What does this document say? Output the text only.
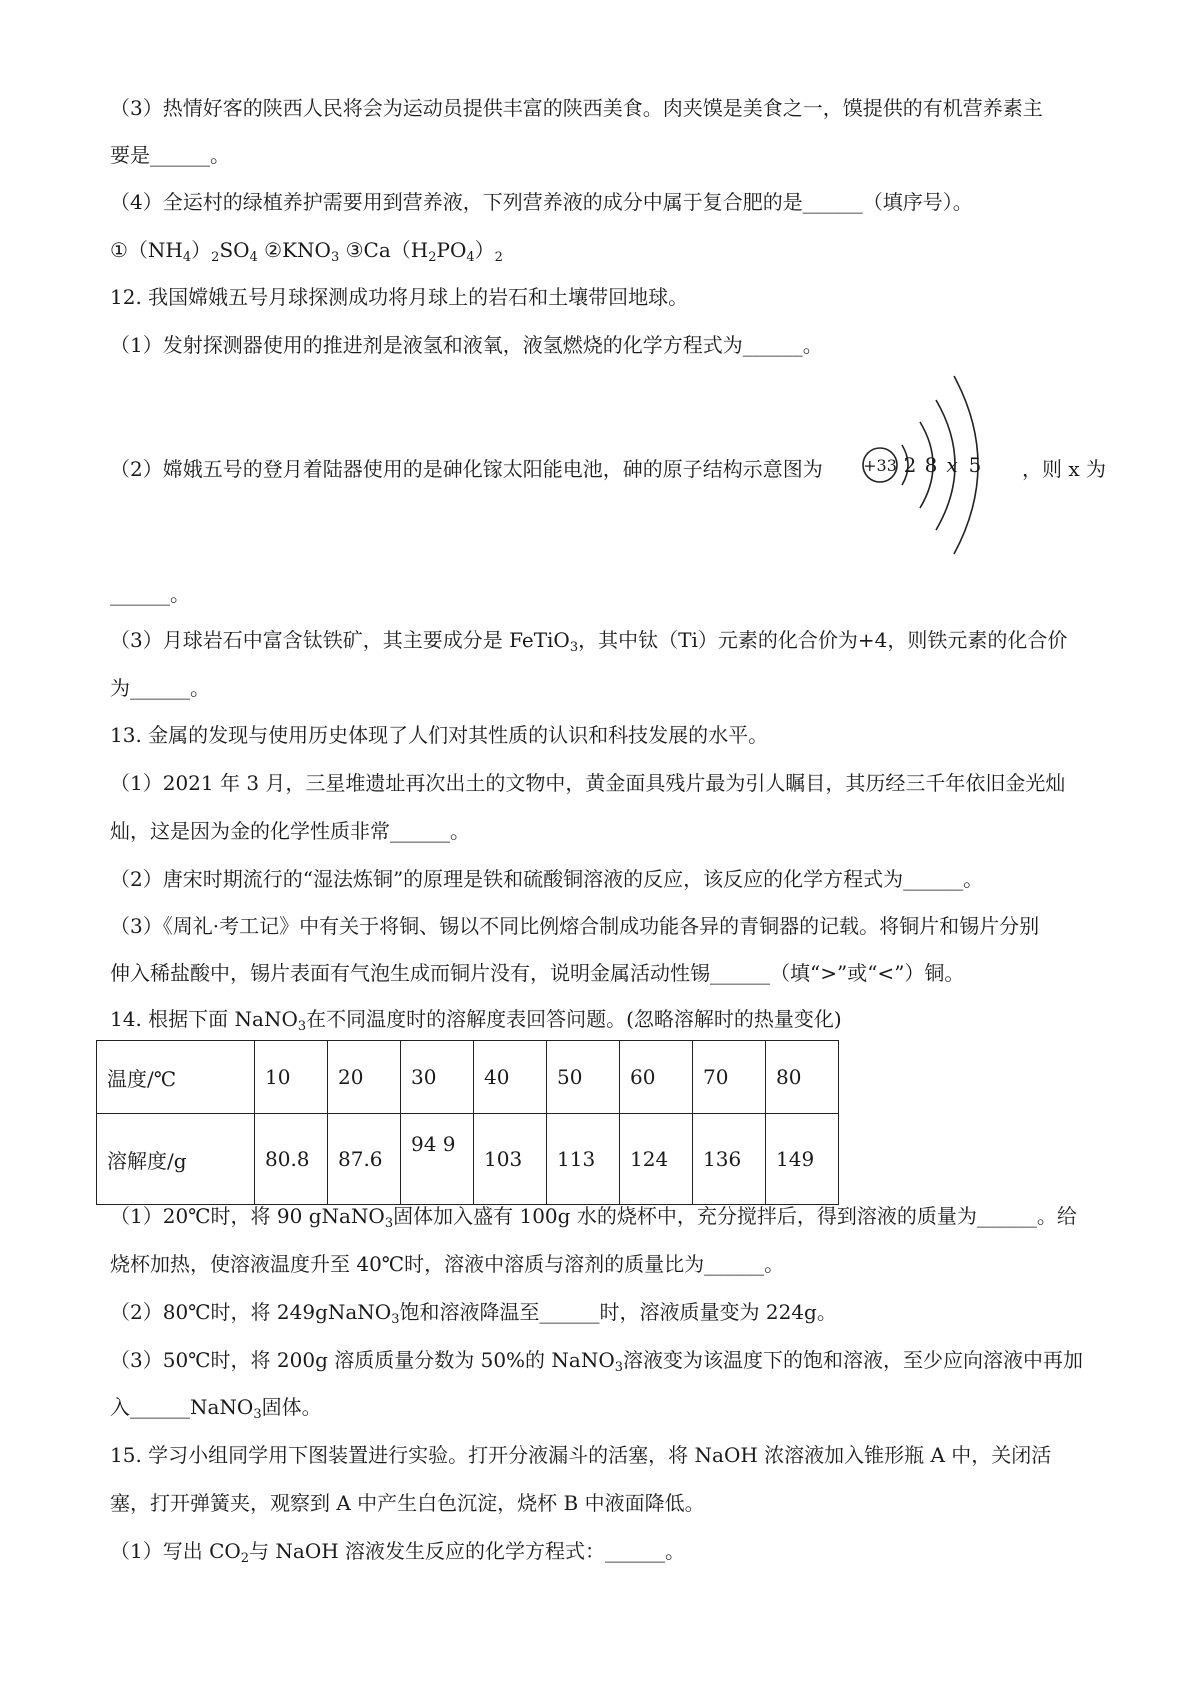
（3）热情好客的陕西人民将会为运动员提供丰富的陕西美食。肉夹馍是美食之一，馍提供的有机营养素主
要是______。
（4）全运村的绿植养护需要用到营养液，下列营养液的成分中属于复合肥的是______（填序号）。
$①(NH_4)_2SO_4$ $②KNO_3$ $③Ca(H_2PO_4)_2$
12. 我国嫦娥五号月球探测成功将月球上的岩石和土壤带回地球。
（1）发射探测器使用的推进剂是液氢和液氧，液氢燃烧的化学方程式为______。
（2）嫦娥五号的登月着陆器使用的是砷化镓太阳能电池，砷的原子结构示意图为	+33 2 8 x 5 ，则 x 为
______。
（3）月球岩石中富含钛铁矿，其主要成分是 FeTiO$_3$，其中钛（Ti）元素的化合价为+4，则铁元素的化合价
为______。
13. 金属的发现与使用历史体现了人们对其性质的认识和科技发展的水平。
（1）2021 年 3 月，三星堆遗址再次出土的文物中，黄金面具残片最为引人瞩目，其历经三千年依旧金光灿
灿，这是因为金的化学性质非常______。
（2）唐宋时期流行的“湿法炼铜”的原理是铁和硫酸铜溶液的反应，该反应的化学方程式为______。
（3）《周礼·考工记》中有关于将铜、锡以不同比例熔合制成功能各异的青铜器的记载。将铜片和锡片分别
伸入稀盐酸中，锡片表面有气泡生成而铜片没有，说明金属活动性锡______（填“>”或“<”）铜。
14. 根据下面 NaNO$_3$在不同温度时的溶解度表回答问题。(忽略溶解时的热量变化)
温度/℃	10	20	30	40	50	60	70	80
溶解度/g	80.8	87.6	94 9	103	113	124	136	149
（1）20℃时，将 90 gNaNO$_3$固体加入盛有 100g 水的烧杯中，充分搅拌后，得到溶液的质量为______。给
烧杯加热，使溶液温度升至 40℃时，溶液中溶质与溶剂的质量比为______。
（2）80℃时，将 249gNaNO$_3$饱和溶液降温至______时，溶液质量变为 224g。
（3）50℃时，将 200g 溶质质量分数为 50%的 NaNO$_3$溶液变为该温度下的饱和溶液，至少应向溶液中再加
入______NaNO$_3$固体。
15. 学习小组同学用下图装置进行实验。打开分液漏斗的活塞，将 NaOH 浓溶液加入锥形瓶 A 中，关闭活
塞，打开弹簧夹，观察到 A 中产生白色沉淀，烧杯 B 中液面降低。
（1）写出 $CO_2$与 NaOH 溶液发生反应的化学方程式：______。
